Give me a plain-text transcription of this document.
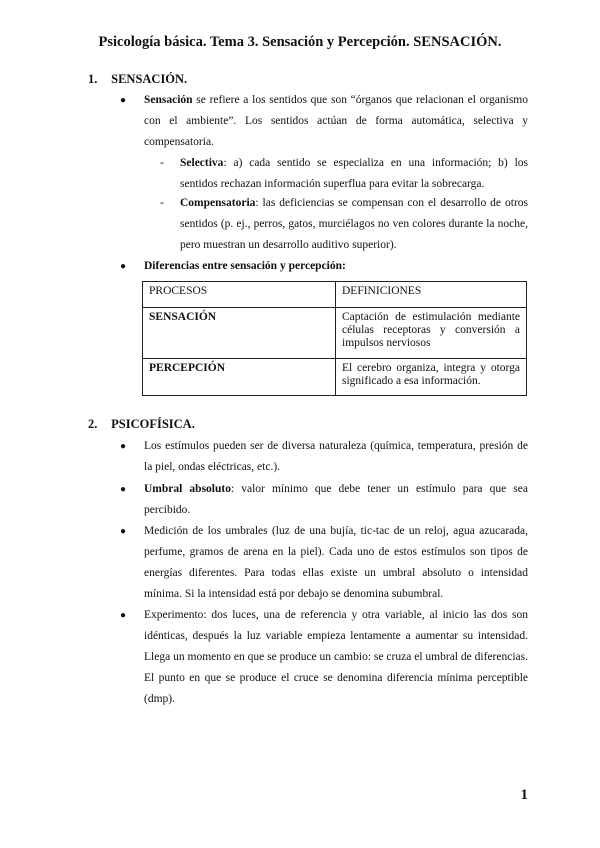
Psicología básica. Tema 3. Sensación y Percepción. SENSACIÓN.
1. SENSACIÓN.
● Sensación se refiere a los sentidos que son “órganos que relacionan el organismo con el ambiente”. Los sentidos actúan de forma automática, selectiva y compensatoria.
- Selectiva: a) cada sentido se especializa en una información; b) los sentidos rechazan información superflua para evitar la sobrecarga.
- Compensatoria: las deficiencias se compensan con el desarrollo de otros sentidos (p. ej., perros, gatos, murciélagos no ven colores durante la noche, pero muestran un desarrollo auditivo superior).
● Diferencias entre sensación y percepción:
PROCESOS	DEFINICIONES
SENSACIÓN	Captación de estimulación mediante células receptoras y conversión a impulsos nerviosos
PERCEPCIÓN	El cerebro organiza, integra y otorga significado a esa información.
2. PSICOFÍSICA.
● Los estímulos pueden ser de diversa naturaleza (química, temperatura, presión de la piel, ondas eléctricas, etc.).
● Umbral absoluto: valor mínimo que debe tener un estímulo para que sea percibido.
● Medición de los umbrales (luz de una bujía, tic-tac de un reloj, agua azucarada, perfume, gramos de arena en la piel). Cada uno de estos estímulos son tipos de energías diferentes. Para todas ellas existe un umbral absoluto o intensidad mínima. Si la intensidad está por debajo se denomina subumbral.
● Experimento: dos luces, una de referencia y otra variable, al inicio las dos son idénticas, después la luz variable empieza lentamente a aumentar su intensidad. Llega un momento en que se produce un cambio: se cruza el umbral de diferencias. El punto en que se produce el cruce se denomina diferencia mínima perceptible (dmp).
1
